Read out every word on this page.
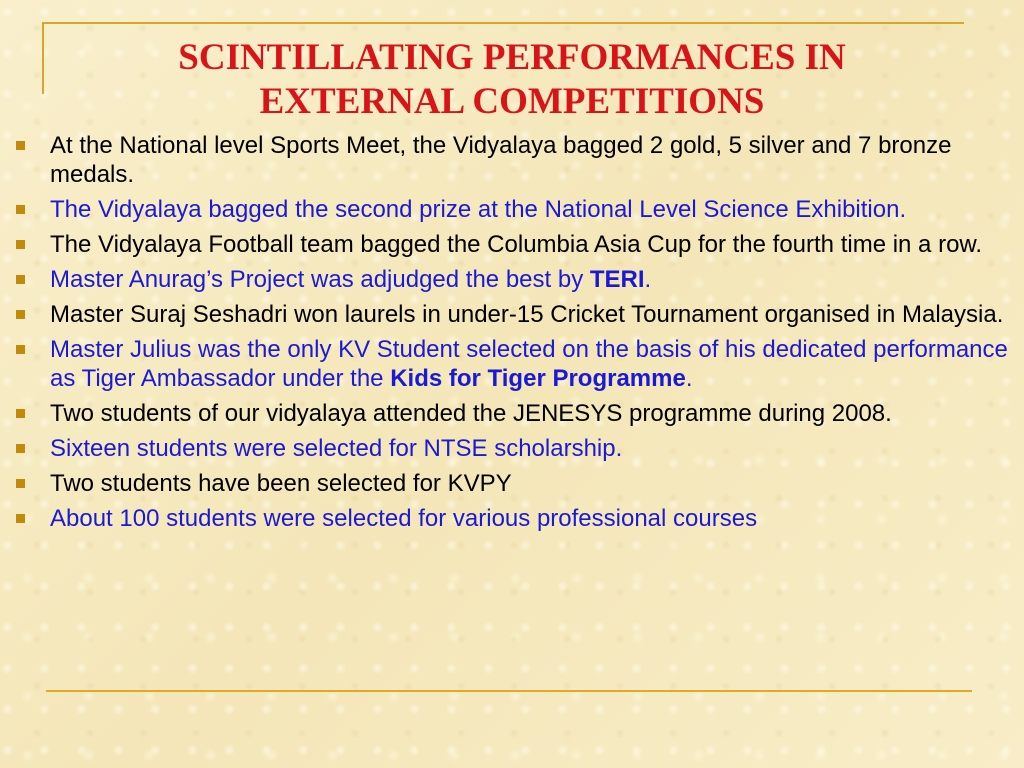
SCINTILLATING PERFORMANCES IN
EXTERNAL COMPETITIONS
At the National level Sports Meet, the Vidyalaya bagged 2 gold, 5 silver and 7 bronze medals.
The Vidyalaya bagged the second prize at the National Level Science Exhibition.
The Vidyalaya Football team bagged the Columbia Asia Cup for the fourth time in a row.
Master Anurag’s Project was adjudged the best by TERI.
Master Suraj Seshadri won laurels in under-15 Cricket Tournament organised in Malaysia.
Master Julius was the only KV Student selected on the basis of his dedicated performance as Tiger Ambassador under the Kids for Tiger Programme.
Two students of our vidyalaya attended the JENESYS programme during 2008.
Sixteen students were selected for NTSE scholarship.
Two students have been selected for KVPY
About 100 students were selected for various professional courses
